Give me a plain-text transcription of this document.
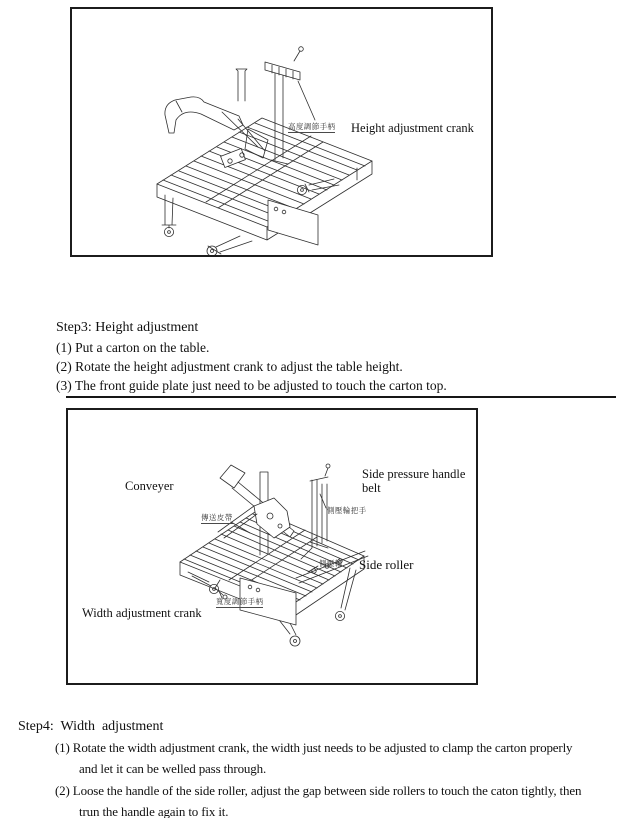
高度調節手柄 Height adjustment crank
Step3: Height adjustment
(1) Put a carton on the table.
(2) Rotate the height adjustment crank to adjust the table height.
(3) The front guide plate just need to be adjusted to touch the carton top.
Conveyer
Side pressure handle
belt
傳送皮帶
側壓輪把手
側壓輪 Side roller
寬度調節手柄
Width adjustment crank
Step4:  Width  adjustment
(1) Rotate the width adjustment crank, the width just needs to be adjusted to clamp the carton properly
and let it can be welled pass through.
(2) Loose the handle of the side roller, adjust the gap between side rollers to touch the caton tightly, then
trun the handle again to fix it.
